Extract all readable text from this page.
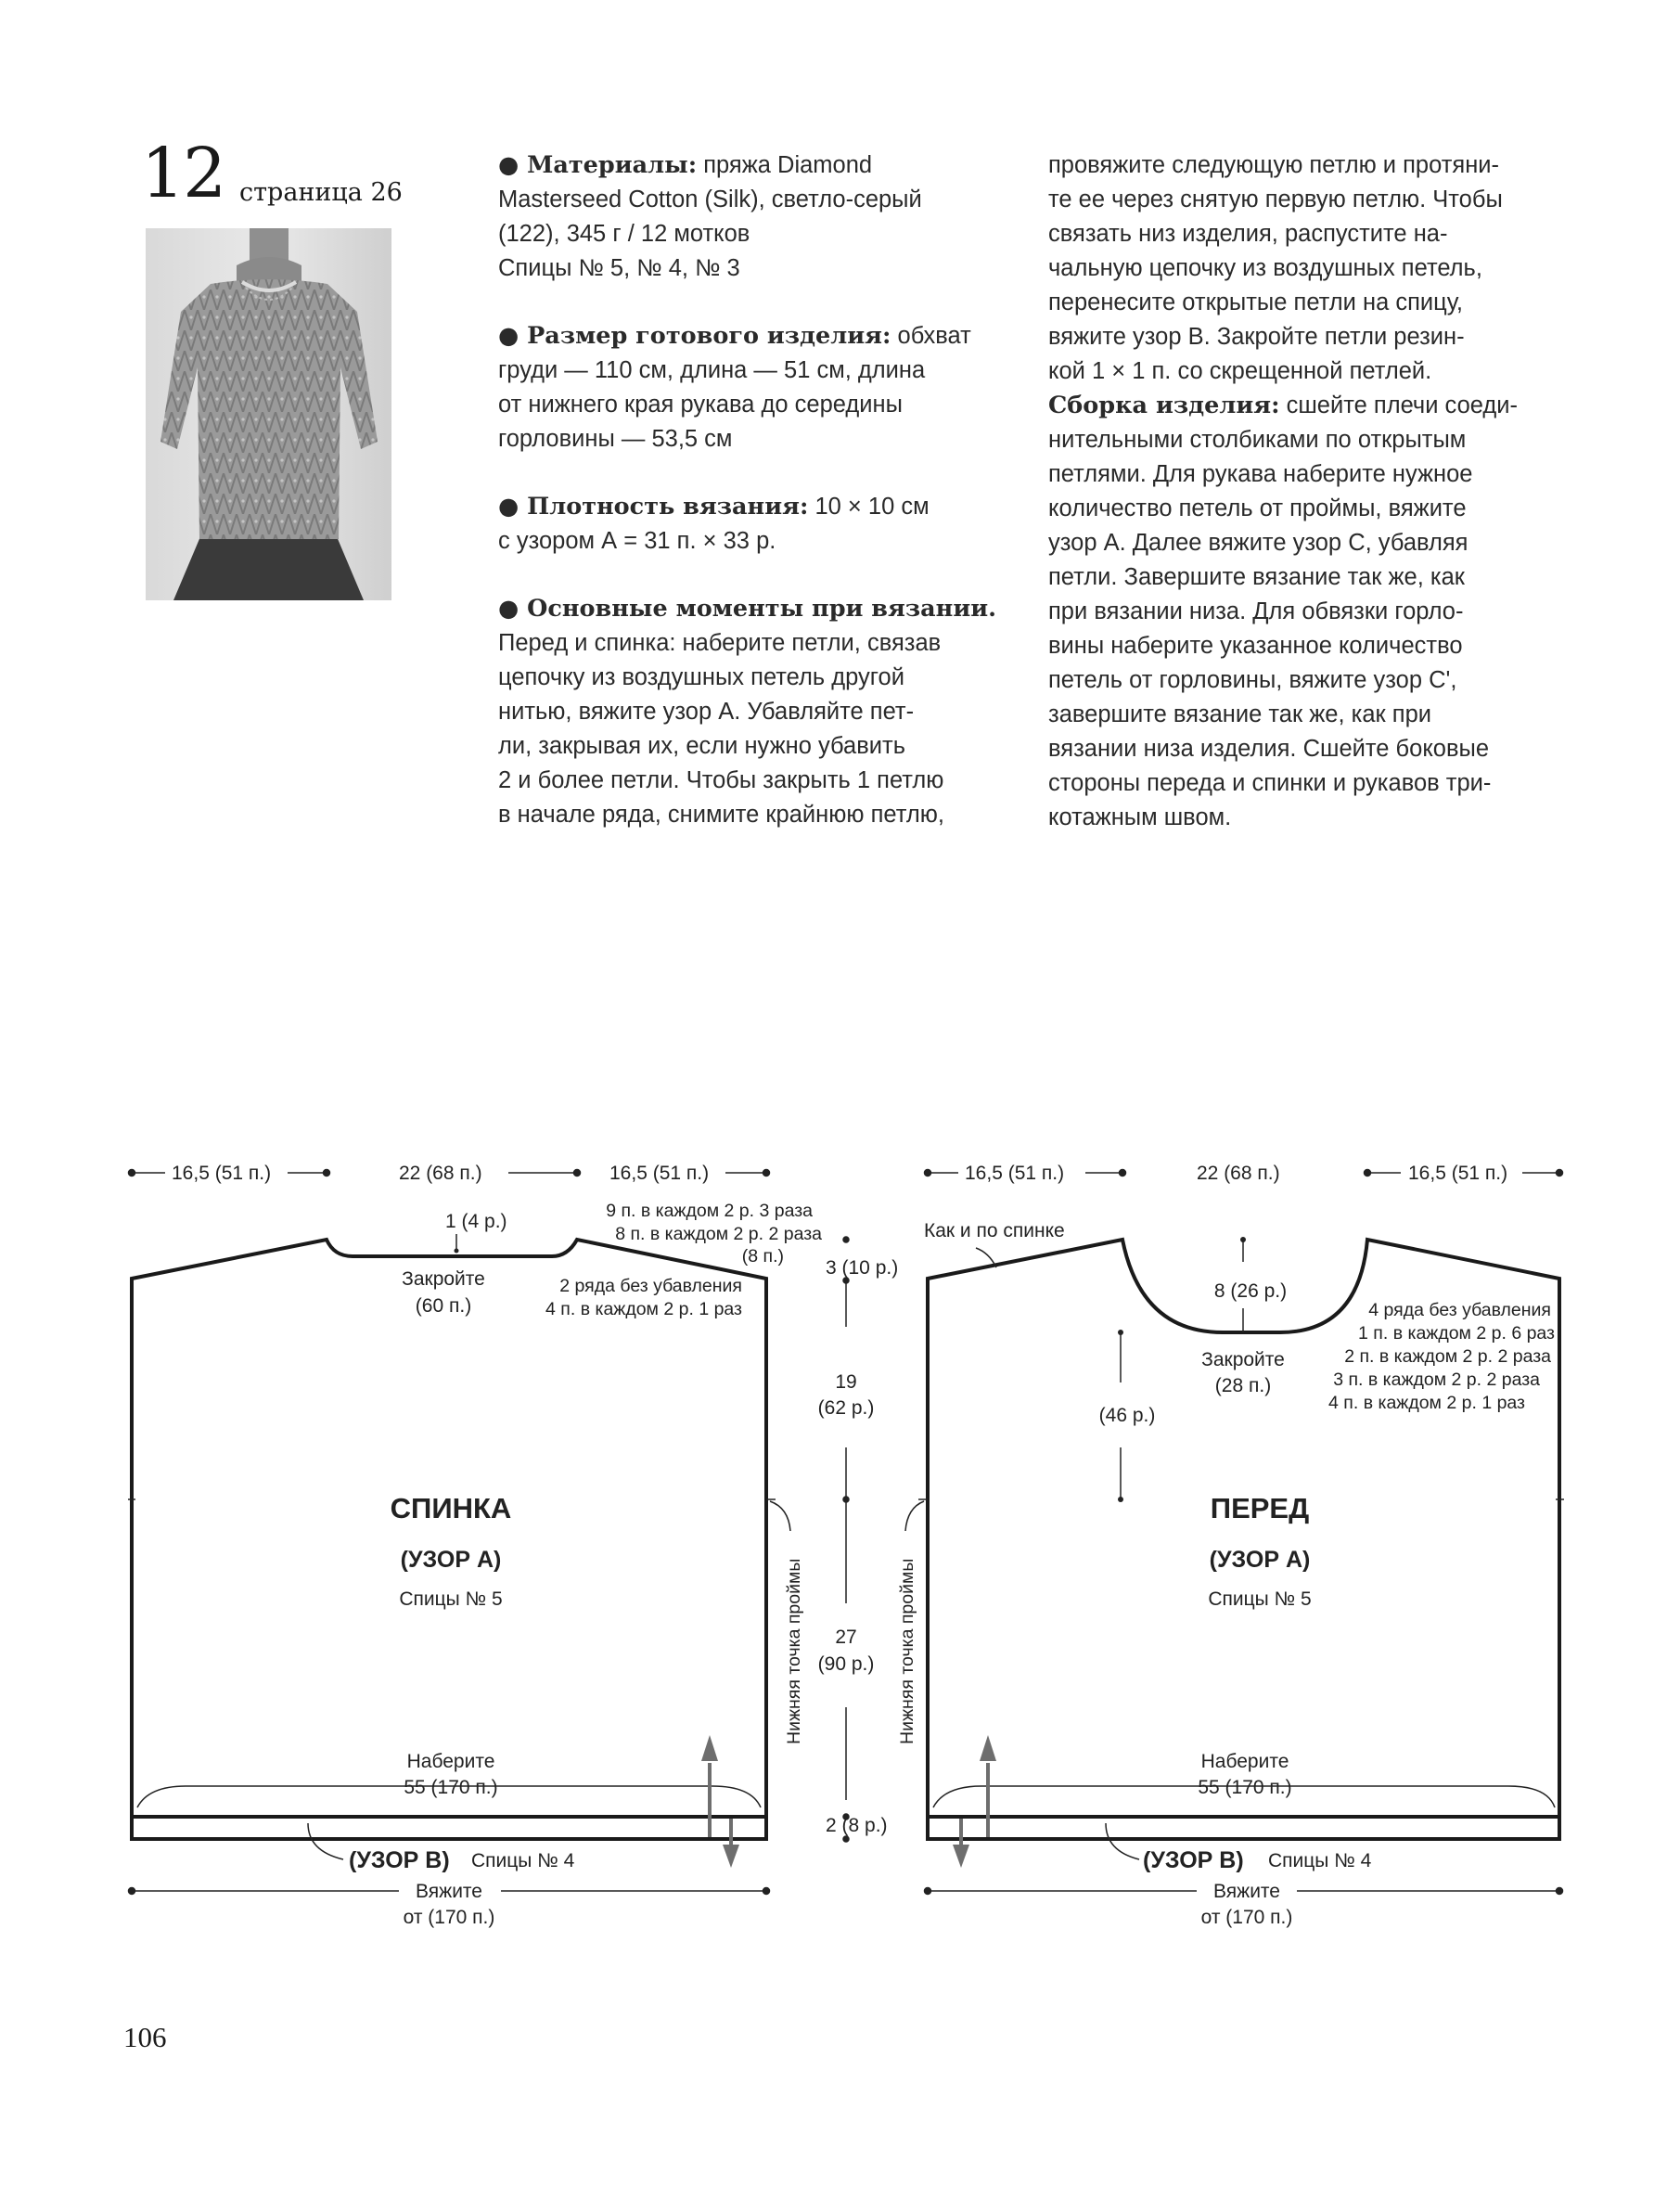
12 страница 26

● Материалы: пряжа Diamond
Masterseed Cotton (Silk), светло-серый
(122), 345 г / 12 мотков
Спицы № 5, № 4, № 3

● Размер готового изделия: обхват
груди — 110 см, длина — 51 см, длина
от нижнего края рукава до середины
горловины — 53,5 см

● Плотность вязания: 10 × 10 см
с узором А = 31 п. × 33 р.

● Основные моменты при вязании.
Перед и спинка: наберите петли, связав
цепочку из воздушных петель другой
нитью, вяжите узор А. Убавляйте пет-
ли, закрывая их, если нужно убавить
2 и более петли. Чтобы закрыть 1 петлю
в начале ряда, снимите крайнюю петлю,

провяжите следующую петлю и протяни-
те ее через снятую первую петлю. Чтобы
связать низ изделия, распустите на-
чальную цепочку из воздушных петель,
перенесите открытые петли на спицу,
вяжите узор В. Закройте петли резин-
кой 1 × 1 п. со скрещенной петлей.
Сборка изделия: сшейте плечи соеди-
нительными столбиками по открытым
петлями. Для рукава наберите нужное
количество петель от проймы, вяжите
узор А. Далее вяжите узор С, убавляя
петли. Завершите вязание так же, как
при вязании низа. Для обвязки горло-
вины наберите указанное количество
петель от горловины, вяжите узор С',
завершите вязание так же, как при
вязании низа изделия. Сшейте боковые
стороны переда и спинки и рукавов три-
котажным швом.
16,5 (51 п.)	22 (68 п.)	16,5 (51 п.)
1 (4 р.)
Закройте
(60 п.)
9 п. в каждом 2 р. 3 раза
8 п. в каждом 2 р. 2 раза
(8 п.)
2 ряда без убавления
4 п. в каждом 2 р. 1 раз
СПИНКА
(УЗОР А)
Спицы № 5
Наберите
55 (170 п.)
(УЗОР В) Спицы № 4
Вяжите
от (170 п.)
Нижняя точка проймы
3 (10 р.)
19
(62 р.)
27
(90 р.)
2 (8 р.)
16,5 (51 п.)	22 (68 п.)	16,5 (51 п.)
Как и по спинке
8 (26 р.)
Закройте
(28 п.)
(46 р.)
4 ряда без убавления
1 п. в каждом 2 р. 6 раз
2 п. в каждом 2 р. 2 раза
3 п. в каждом 2 р. 2 раза
4 п. в каждом 2 р. 1 раз
ПЕРЕД
(УЗОР А)
Спицы № 5
Наберите
55 (170 п.)
(УЗОР В) Спицы № 4
Вяжите
от (170 п.)
Нижняя точка проймы
106
